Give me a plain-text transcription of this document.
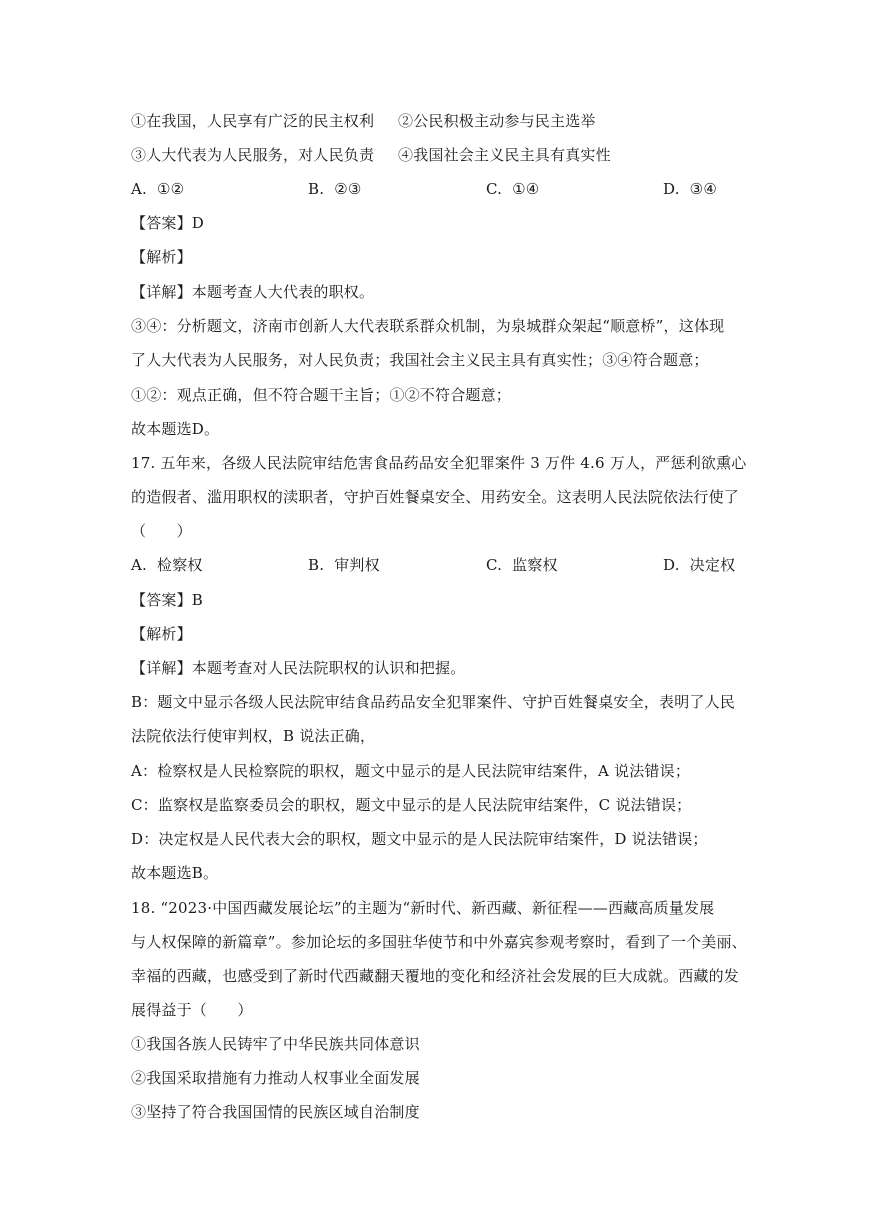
①在我国，人民享有广泛的民主权利 ②公民积极主动参与民主选举
③人大代表为人民服务，对人民负责 ④我国社会主义民主具有真实性
A. ①②	B. ②③	C. ①④	D. ③④
【答案】D
【解析】
【详解】本题考查人大代表的职权。
③④：分析题文，济南市创新人大代表联系群众机制，为泉城群众架起“顺意桥”，这体现
了人大代表为人民服务，对人民负责；我国社会主义民主具有真实性；③④符合题意；
①②：观点正确，但不符合题干主旨；①②不符合题意；
故本题选D。
17. 五年来，各级人民法院审结危害食品药品安全犯罪案件 3 万件 4.6 万人，严惩利欲熏心
的造假者、滥用职权的渎职者，守护百姓餐桌安全、用药安全。这表明人民法院依法行使了
（　　）
A. 检察权	B. 审判权	C. 监察权	D. 决定权
【答案】B
【解析】
【详解】本题考查对人民法院职权的认识和把握。
B：题文中显示各级人民法院审结食品药品安全犯罪案件、守护百姓餐桌安全，表明了人民
法院依法行使审判权，B 说法正确，
A：检察权是人民检察院的职权，题文中显示的是人民法院审结案件，A 说法错误；
C：监察权是监察委员会的职权，题文中显示的是人民法院审结案件，C 说法错误；
D：决定权是人民代表大会的职权，题文中显示的是人民法院审结案件，D 说法错误；
故本题选B。
18. “2023·中国西藏发展论坛”的主题为“新时代、新西藏、新征程——西藏高质量发展
与人权保障的新篇章”。参加论坛的多国驻华使节和中外嘉宾参观考察时，看到了一个美丽、
幸福的西藏，也感受到了新时代西藏翻天覆地的变化和经济社会发展的巨大成就。西藏的发
展得益于（　　）
①我国各族人民铸牢了中华民族共同体意识
②我国采取措施有力推动人权事业全面发展
③坚持了符合我国国情的民族区域自治制度
